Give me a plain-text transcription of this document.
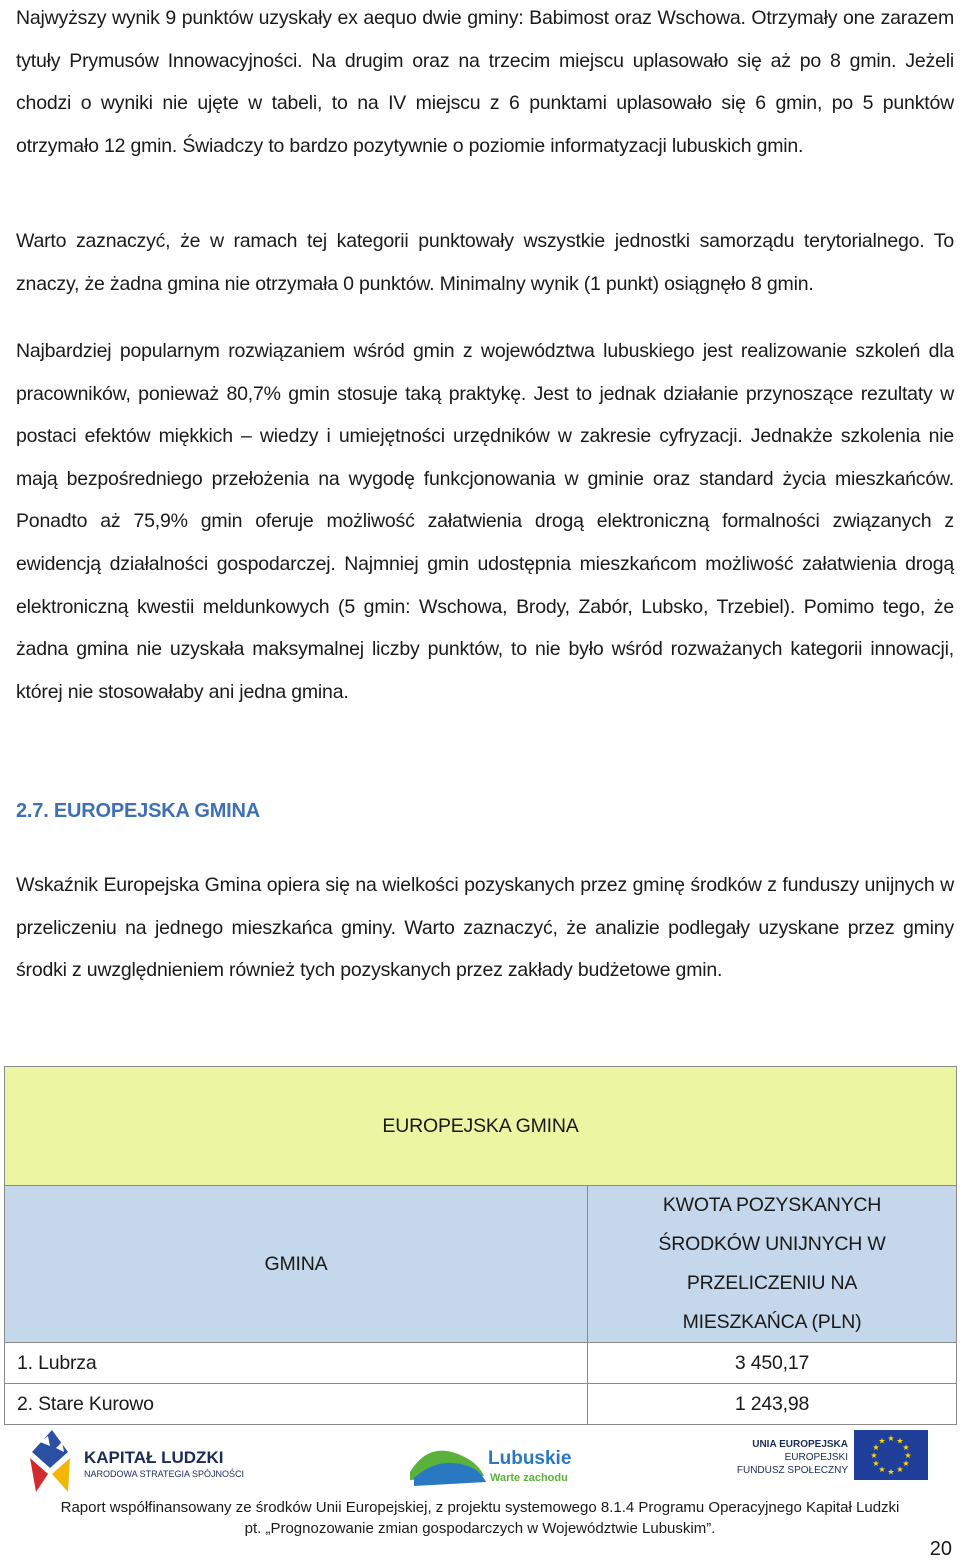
Najwyższy wynik 9 punktów uzyskały ex aequo dwie gminy: Babimost oraz Wschowa. Otrzymały one zarazem tytuły Prymusów Innowacyjności. Na drugim oraz na trzecim miejscu uplasowało się aż po 8 gmin. Jeżeli chodzi o wyniki nie ujęte w tabeli, to na IV miejscu z 6 punktami uplasowało się 6 gmin, po 5 punktów otrzymało 12 gmin. Świadczy to bardzo pozytywnie o poziomie informatyzacji lubuskich gmin.

Warto zaznaczyć, że w ramach tej kategorii punktowały wszystkie jednostki samorządu terytorialnego. To znaczy, że żadna gmina nie otrzymała 0 punktów. Minimalny wynik (1 punkt) osiągnęło 8 gmin.

Najbardziej popularnym rozwiązaniem wśród gmin z województwa lubuskiego jest realizowanie szkoleń dla pracowników, ponieważ 80,7% gmin stosuje taką praktykę. Jest to jednak działanie przynoszące rezultaty w postaci efektów miękkich – wiedzy i umiejętności urzędników w zakresie cyfryzacji. Jednakże szkolenia nie mają bezpośredniego przełożenia na wygodę funkcjonowania w gminie oraz standard życia mieszkańców. Ponadto aż 75,9% gmin oferuje możliwość załatwienia drogą elektroniczną formalności związanych z ewidencją działalności gospodarczej. Najmniej gmin udostępnia mieszkańcom możliwość załatwienia drogą elektroniczną kwestii meldunkowych (5 gmin: Wschowa, Brody, Zabór, Lubsko, Trzebiel). Pomimo tego, że żadna gmina nie uzyskała maksymalnej liczby punktów, to nie było wśród rozważanych kategorii innowacji, której nie stosowałaby ani jedna gmina.

2.7. EUROPEJSKA GMINA

Wskaźnik Europejska Gmina opiera się na wielkości pozyskanych przez gminę środków z funduszy unijnych w przeliczeniu na jednego mieszkańca gminy. Warto zaznaczyć, że analizie podlegały uzyskane przez gminy środki z uwzględnieniem również tych pozyskanych przez zakłady budżetowe gmin.

EUROPEJSKA GMINA	
GMINA	KWOTA POZYSKANYCH ŚRODKÓW UNIJNYCH W PRZELICZENIU NA MIESZKAŃCA (PLN)
1. Lubrza	3 450,17
2. Stare Kurowo	1 243,98
KAPITAŁ LUDZKI
NARODOWA STRATEGIA SPÓJNOŚCI
Lubuskie
Warte zachodu
UNIA EUROPEJSKA
EUROPEJSKI
FUNDUSZ SPOŁECZNY
★ ★
★
★
★
★
★
★
★
★
★
★
Raport współfinansowany ze środków Unii Europejskiej, z projektu systemowego 8.1.4 Programu Operacyjnego Kapitał Ludzki
pt. „Prognozowanie zmian gospodarczych w Województwie Lubuskim”.
20
